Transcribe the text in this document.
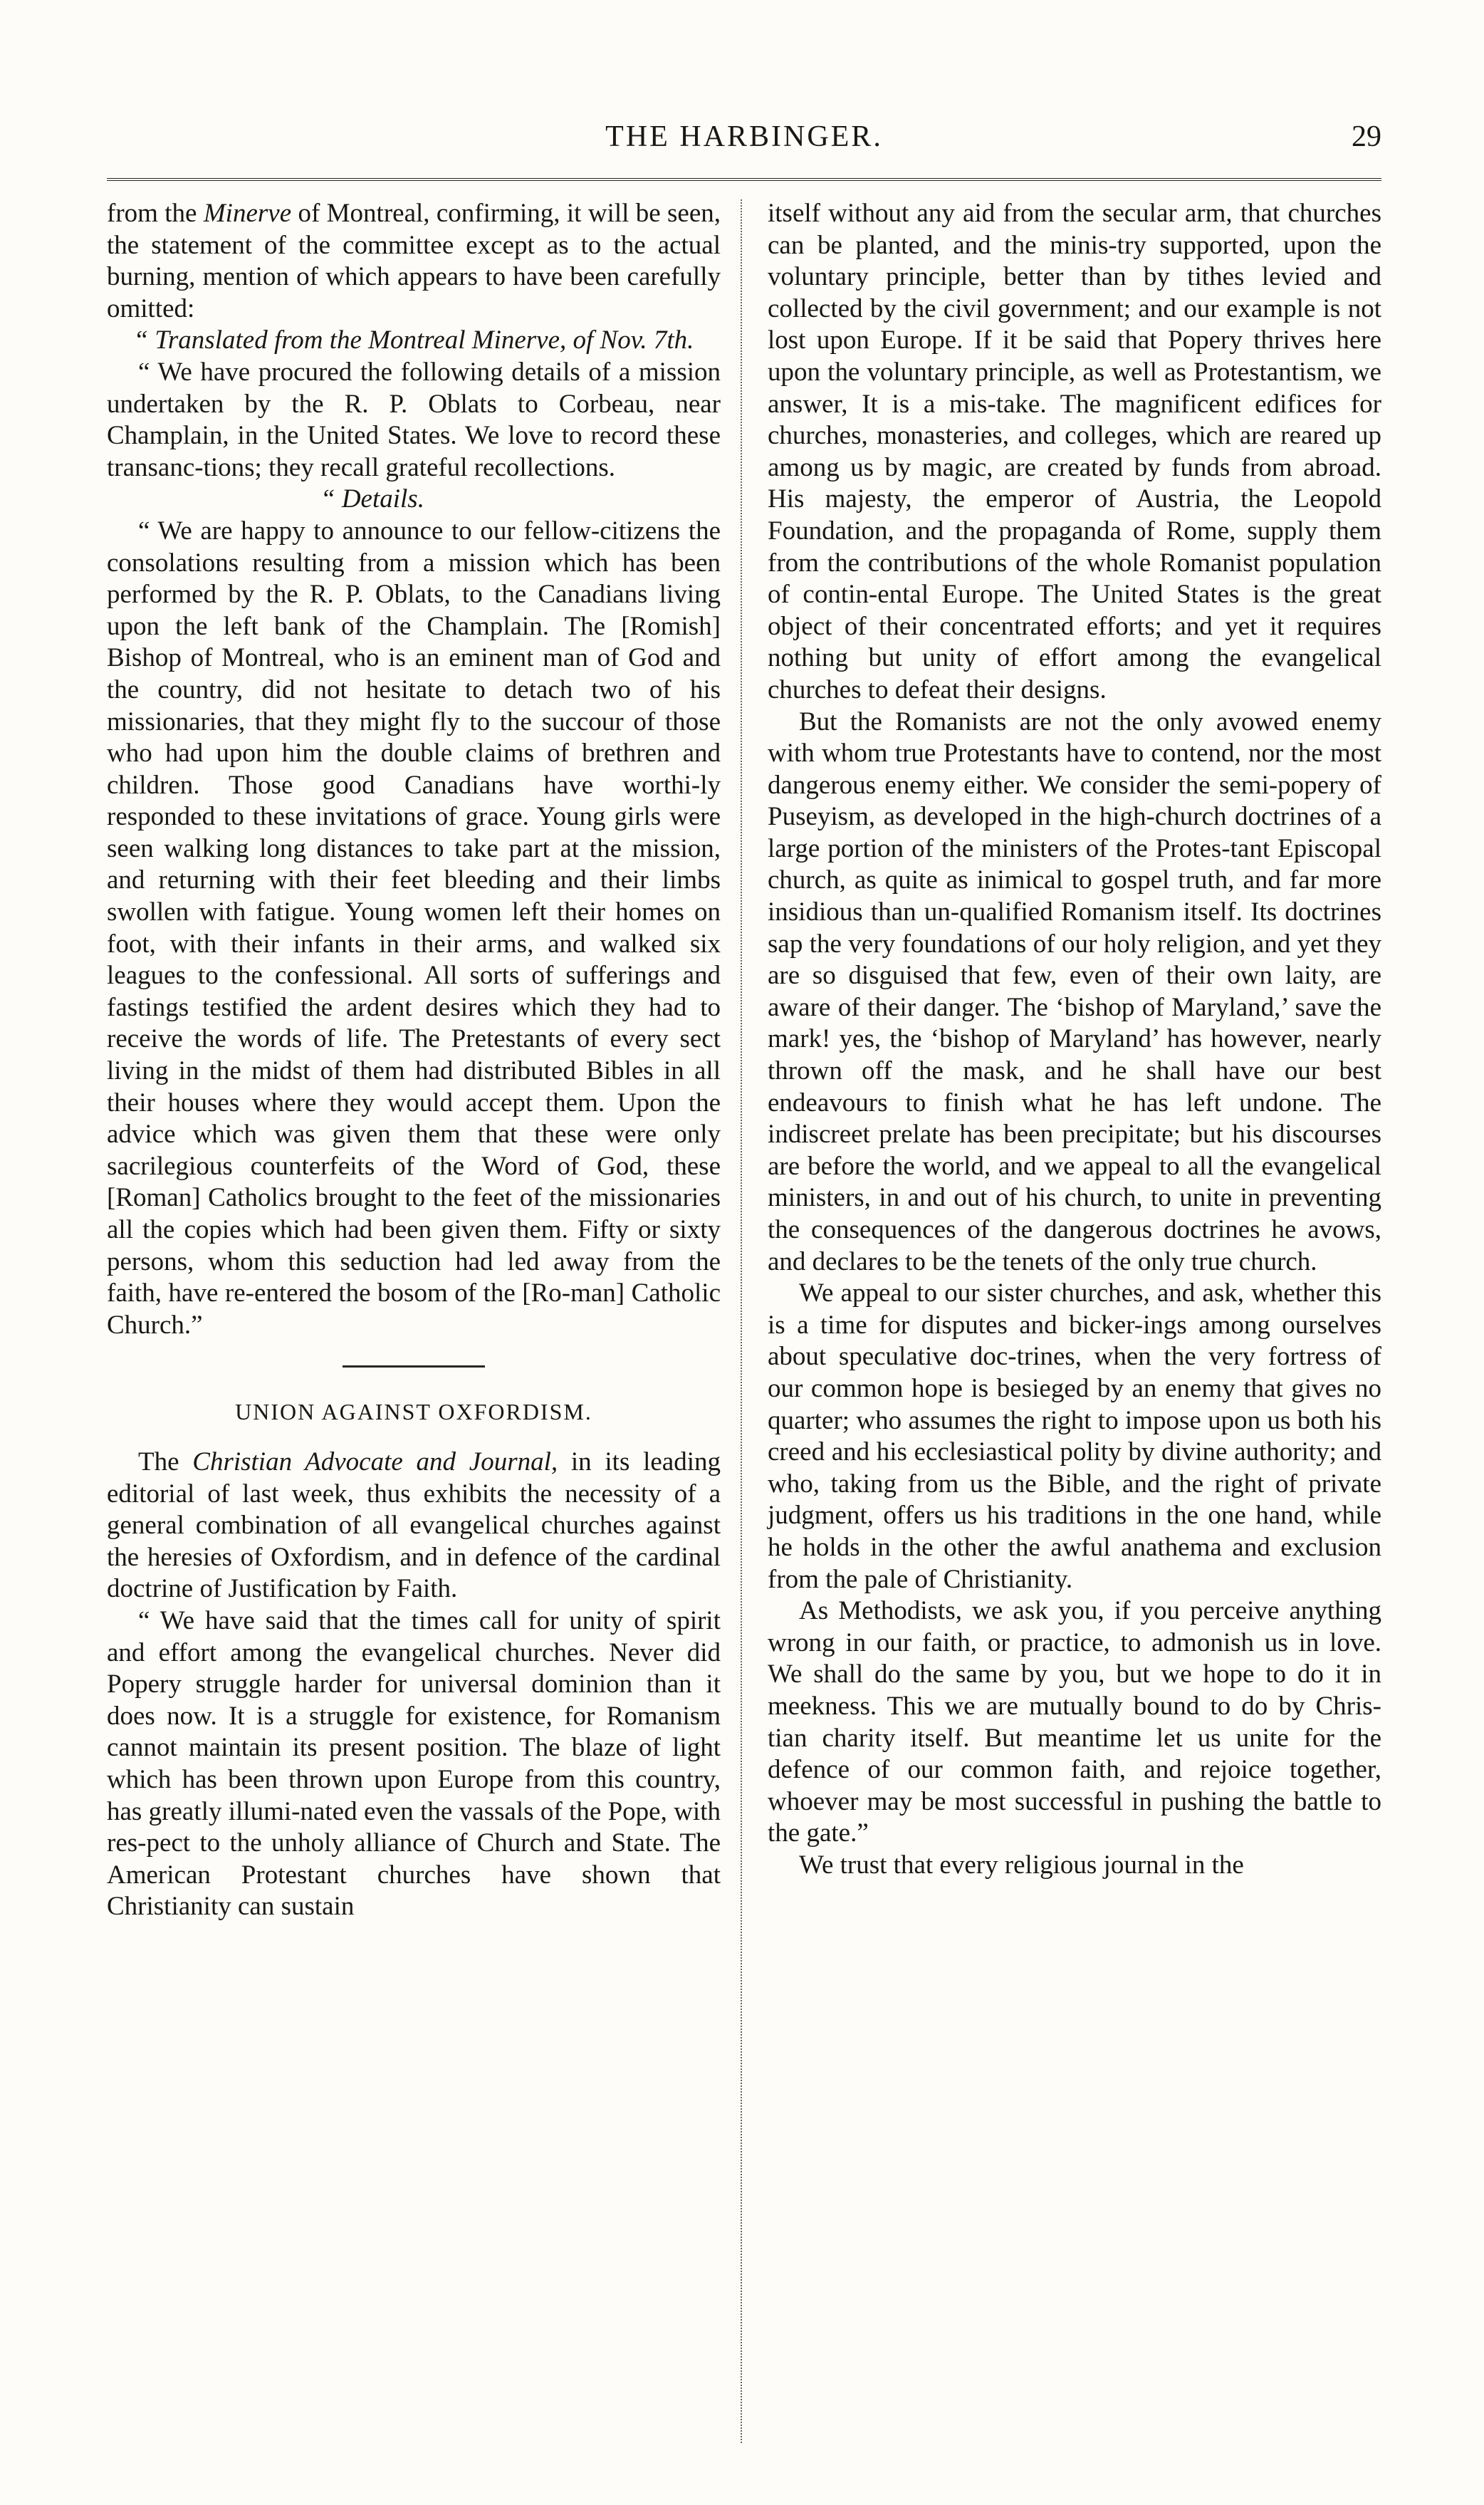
THE HARBINGER.	29

from the Minerve of Montreal, confirming, it will be seen, the statement of the committee except as to the actual burning, mention of which appears to have been carefully omitted:

“ Translated from the Montreal Minerve, of Nov. 7th.

“ We have procured the following details of a mission undertaken by the R. P. Oblats to Corbeau, near Champlain, in the United States. We love to record these transanc-tions; they recall grateful recollections.

“ Details.

“ We are happy to announce to our fellow-citizens the consolations resulting from a mission which has been performed by the R. P. Oblats, to the Canadians living upon the left bank of the Champlain. The [Romish] Bishop of Montreal, who is an eminent man of God and the country, did not hesitate to detach two of his missionaries, that they might fly to the succour of those who had upon him the double claims of brethren and children. Those good Canadians have worthi-ly responded to these invitations of grace. Young girls were seen walking long distances to take part at the mission, and returning with their feet bleeding and their limbs swollen with fatigue. Young women left their homes on foot, with their infants in their arms, and walked six leagues to the confessional. All sorts of sufferings and fastings testified the ardent desires which they had to receive the words of life. The Pretestants of every sect living in the midst of them had distributed Bibles in all their houses where they would accept them. Upon the advice which was given them that these were only sacrilegious counterfeits of the Word of God, these [Roman] Catholics brought to the feet of the missionaries all the copies which had been given them. Fifty or sixty persons, whom this seduction had led away from the faith, have re-entered the bosom of the [Ro-man] Catholic Church.”

UNION AGAINST OXFORDISM.

The Christian Advocate and Journal, in its leading editorial of last week, thus exhibits the necessity of a general combination of all evangelical churches against the heresies of Oxfordism, and in defence of the cardinal doctrine of Justification by Faith.

“ We have said that the times call for unity of spirit and effort among the evangelical churches. Never did Popery struggle harder for universal dominion than it does now. It is a struggle for existence, for Romanism cannot maintain its present position. The blaze of light which has been thrown upon Europe from this country, has greatly illumi-nated even the vassals of the Pope, with res-pect to the unholy alliance of Church and State. The American Protestant churches have shown that Christianity can sustain

itself without any aid from the secular arm, that churches can be planted, and the minis-try supported, upon the voluntary principle, better than by tithes levied and collected by the civil government; and our example is not lost upon Europe. If it be said that Popery thrives here upon the voluntary principle, as well as Protestantism, we answer, It is a mis-take. The magnificent edifices for churches, monasteries, and colleges, which are reared up among us by magic, are created by funds from abroad. His majesty, the emperor of Austria, the Leopold Foundation, and the propaganda of Rome, supply them from the contributions of the whole Romanist population of contin-ental Europe. The United States is the great object of their concentrated efforts; and yet it requires nothing but unity of effort among the evangelical churches to defeat their designs.

But the Romanists are not the only avowed enemy with whom true Protestants have to contend, nor the most dangerous enemy either. We consider the semi-popery of Puseyism, as developed in the high-church doctrines of a large portion of the ministers of the Protes-tant Episcopal church, as quite as inimical to gospel truth, and far more insidious than un-qualified Romanism itself. Its doctrines sap the very foundations of our holy religion, and yet they are so disguised that few, even of their own laity, are aware of their danger. The ‘bishop of Maryland,’ save the mark! yes, the ‘bishop of Maryland’ has however, nearly thrown off the mask, and he shall have our best endeavours to finish what he has left undone. The indiscreet prelate has been precipitate; but his discourses are before the world, and we appeal to all the evangelical ministers, in and out of his church, to unite in preventing the consequences of the dangerous doctrines he avows, and declares to be the tenets of the only true church.

We appeal to our sister churches, and ask, whether this is a time for disputes and bicker-ings among ourselves about speculative doc-trines, when the very fortress of our common hope is besieged by an enemy that gives no quarter; who assumes the right to impose upon us both his creed and his ecclesiastical polity by divine authority; and who, taking from us the Bible, and the right of private judgment, offers us his traditions in the one hand, while he holds in the other the awful anathema and exclusion from the pale of Christianity.

As Methodists, we ask you, if you perceive anything wrong in our faith, or practice, to admonish us in love. We shall do the same by you, but we hope to do it in meekness. This we are mutually bound to do by Chris-tian charity itself. But meantime let us unite for the defence of our common faith, and rejoice together, whoever may be most successful in pushing the battle to the gate.”

We trust that every religious journal in the
